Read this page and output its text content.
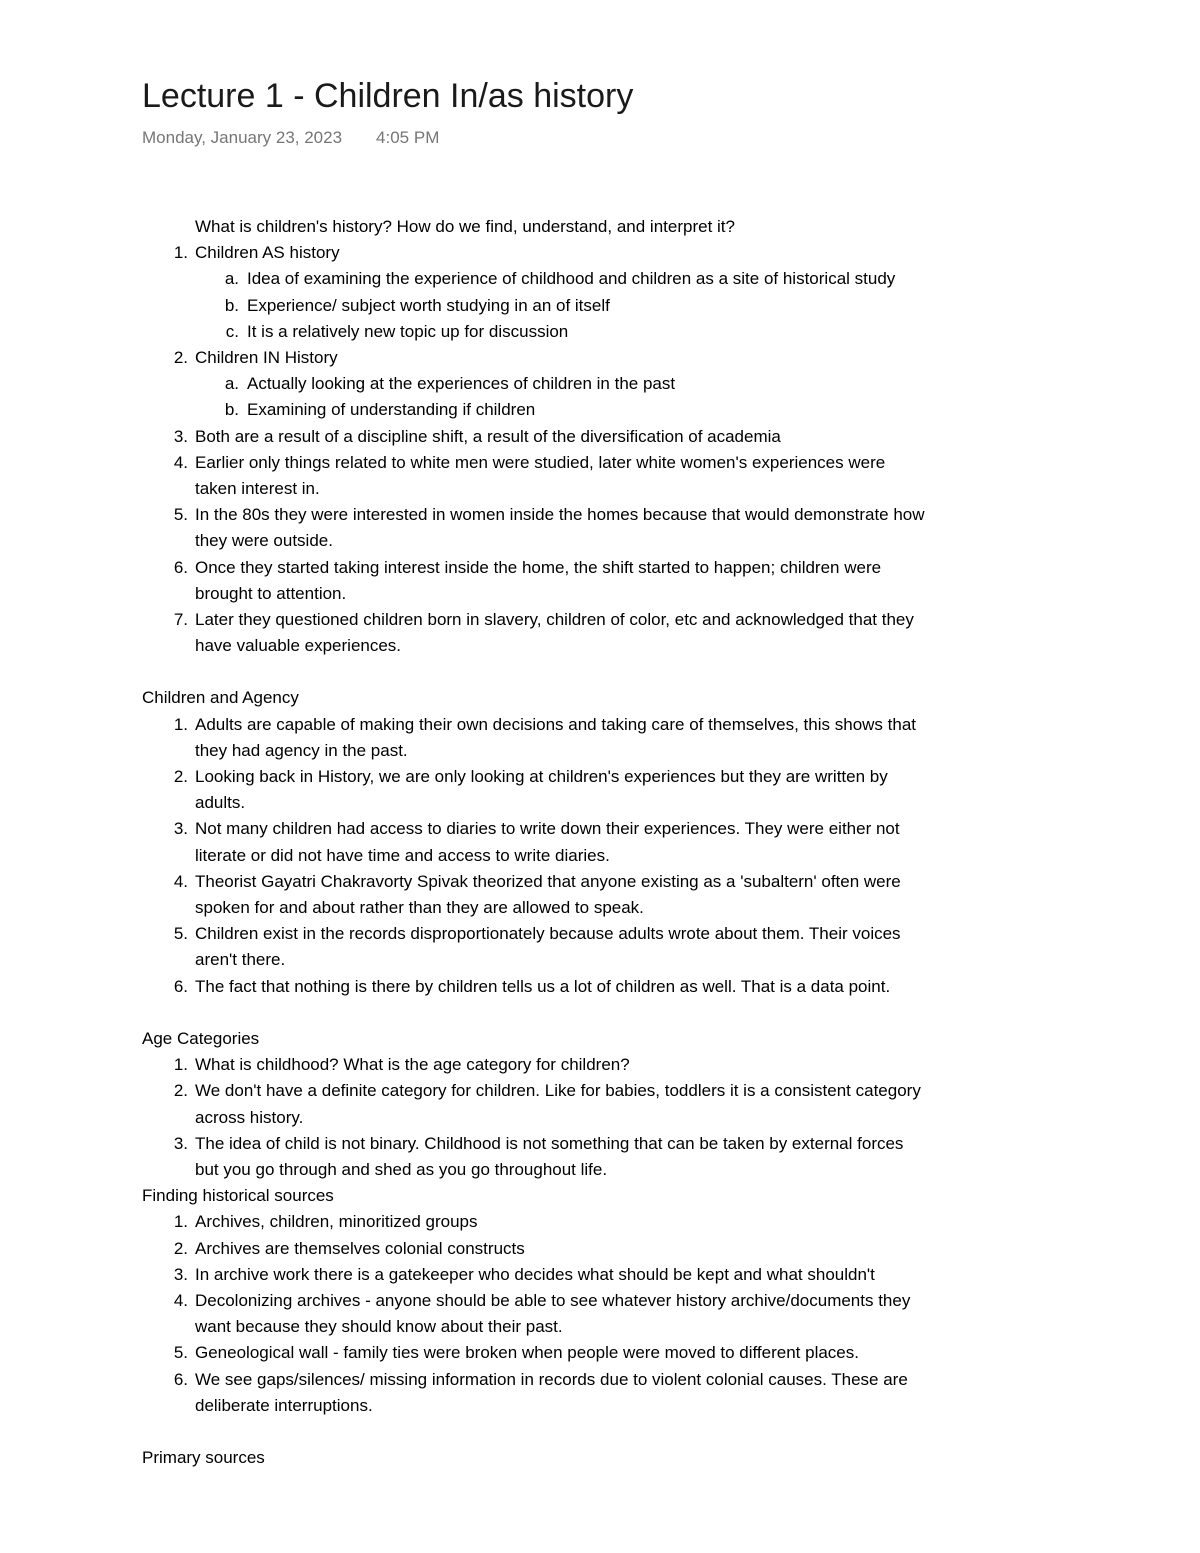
Lecture 1 - Children In/as history
Monday, January 23, 2023 4:05 PM
What is children's history? How do we find, understand, and interpret it?
1. Children AS history
a. Idea of examining the experience of childhood and children as a site of historical study
b. Experience/ subject worth studying in an of itself
c. It is a relatively new topic up for discussion
2. Children IN History
a. Actually looking at the experiences of children in the past
b. Examining of understanding if children
3. Both are a result of a discipline shift, a result of the diversification of academia
4. Earlier only things related to white men were studied, later white women's experiences were
taken interest in.
5. In the 80s they were interested in women inside the homes because that would demonstrate how
they were outside.
6. Once they started taking interest inside the home, the shift started to happen; children were
brought to attention.
7. Later they questioned children born in slavery, children of color, etc and acknowledged that they
have valuable experiences.
Children and Agency
1. Adults are capable of making their own decisions and taking care of themselves, this shows that
they had agency in the past.
2. Looking back in History, we are only looking at children's experiences but they are written by
adults.
3. Not many children had access to diaries to write down their experiences. They were either not
literate or did not have time and access to write diaries.
4. Theorist Gayatri Chakravorty Spivak theorized that anyone existing as a 'subaltern' often were
spoken for and about rather than they are allowed to speak.
5. Children exist in the records disproportionately because adults wrote about them. Their voices
aren't there.
6. The fact that nothing is there by children tells us a lot of children as well. That is a data point.
Age Categories
1. What is childhood? What is the age category for children?
2. We don't have a definite category for children. Like for babies, toddlers it is a consistent category
across history.
3. The idea of child is not binary. Childhood is not something that can be taken by external forces
but you go through and shed as you go throughout life.
Finding historical sources
1. Archives, children, minoritized groups
2. Archives are themselves colonial constructs
3. In archive work there is a gatekeeper who decides what should be kept and what shouldn't
4. Decolonizing archives - anyone should be able to see whatever history archive/documents they
want because they should know about their past.
5. Geneological wall - family ties were broken when people were moved to different places.
6. We see gaps/silences/ missing information in records due to violent colonial causes. These are
deliberate interruptions.
Primary sources
